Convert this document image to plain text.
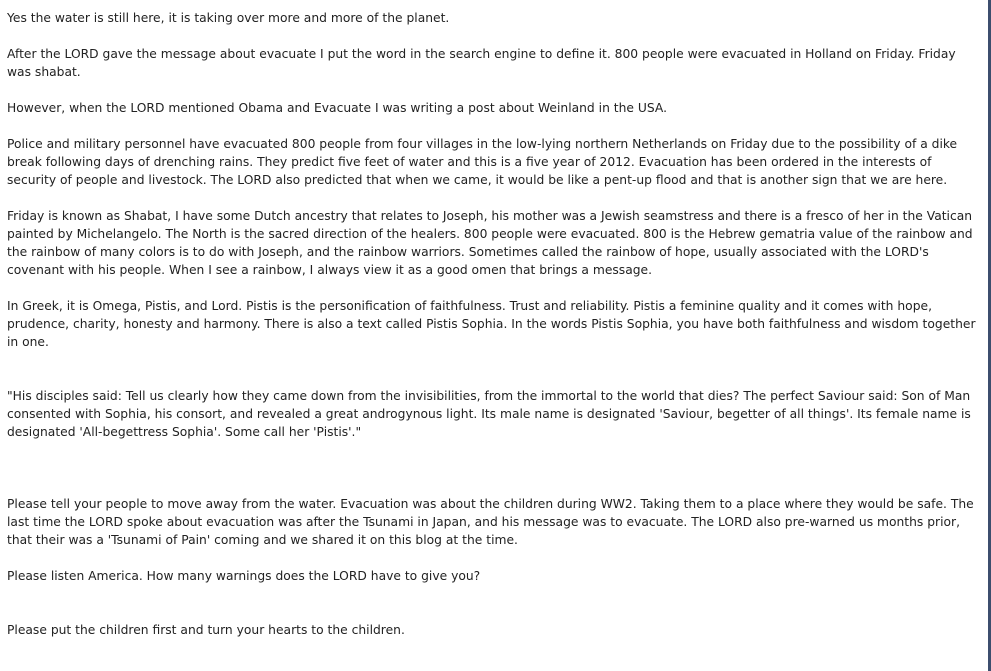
Yes the water is still here, it is taking over more and more of the planet.

After the LORD gave the message about evacuate I put the word in the search engine to define it. 800 people were evacuated in Holland on Friday. Friday was shabat.

However, when the LORD mentioned Obama and Evacuate I was writing a post about Weinland in the USA.

Police and military personnel have evacuated 800 people from four villages in the low-lying northern Netherlands on Friday due to the possibility of a dike break following days of drenching rains. They predict five feet of water and this is a five year of 2012. Evacuation has been ordered in the interests of security of people and livestock. The LORD also predicted that when we came, it would be like a pent-up flood and that is another sign that we are here.

Friday is known as Shabat, I have some Dutch ancestry that relates to Joseph, his mother was a Jewish seamstress and there is a fresco of her in the Vatican painted by Michelangelo. The North is the sacred direction of the healers. 800 people were evacuated. 800 is the Hebrew gematria value of the rainbow and the rainbow of many colors is to do with Joseph, and the rainbow warriors. Sometimes called the rainbow of hope, usually associated with the LORD's covenant with his people. When I see a rainbow, I always view it as a good omen that brings a message.

In Greek, it is Omega, Pistis, and Lord. Pistis is the personification of faithfulness. Trust and reliability. Pistis a feminine quality and it comes with hope, prudence, charity, honesty and harmony. There is also a text called Pistis Sophia. In the words Pistis Sophia, you have both faithfulness and wisdom together in one.

"His disciples said: Tell us clearly how they came down from the invisibilities, from the immortal to the world that dies? The perfect Saviour said: Son of Man consented with Sophia, his consort, and revealed a great androgynous light. Its male name is designated 'Saviour, begetter of all things'. Its female name is designated 'All-begettress Sophia'. Some call her 'Pistis'."

Please tell your people to move away from the water. Evacuation was about the children during WW2. Taking them to a place where they would be safe. The last time the LORD spoke about evacuation was after the Tsunami in Japan, and his message was to evacuate. The LORD also pre-warned us months prior, that their was a 'Tsunami of Pain' coming and we shared it on this blog at the time.

Please listen America. How many warnings does the LORD have to give you?

Please put the children first and turn your hearts to the children.
